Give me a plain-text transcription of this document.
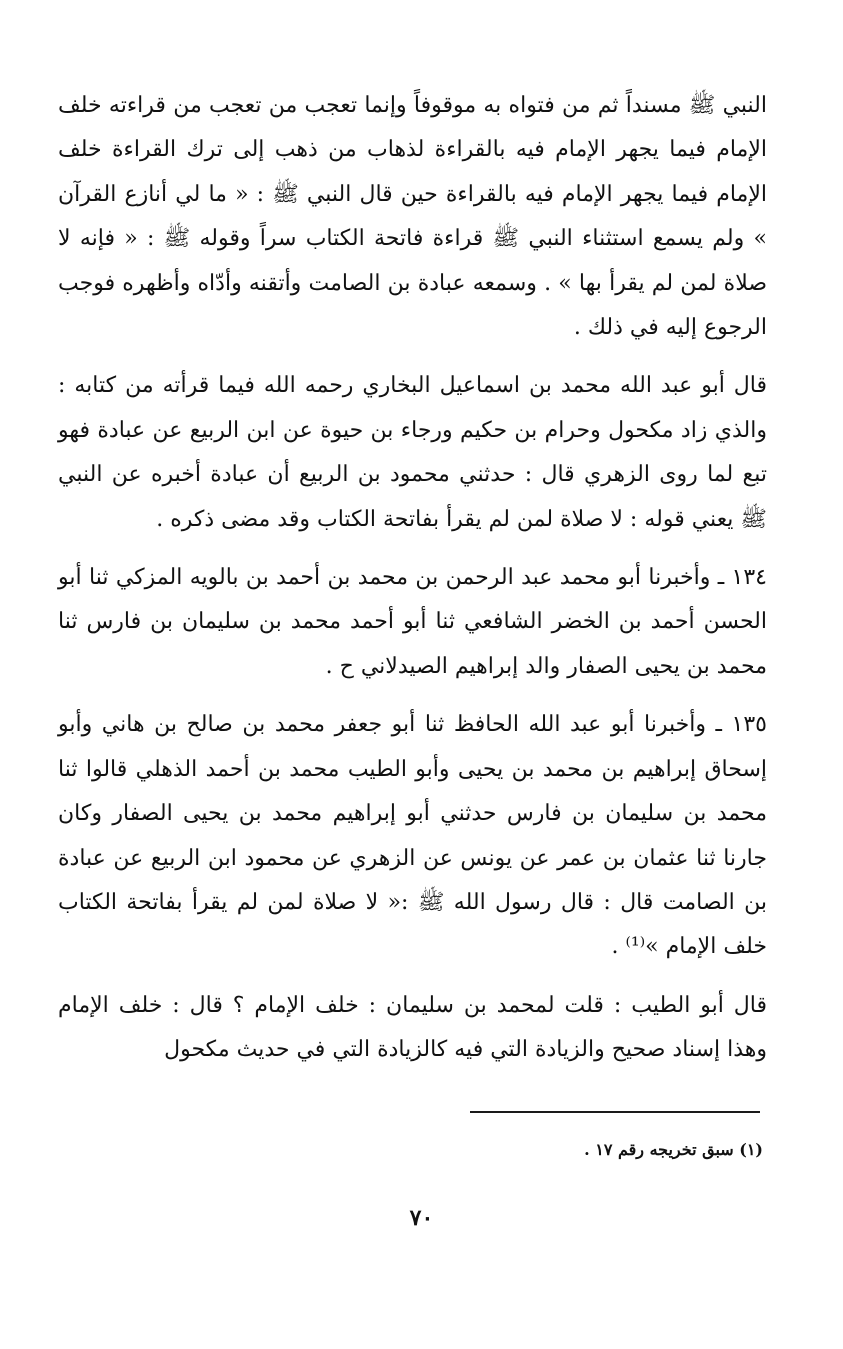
النبي ﷺ مسنداً ثم من فتواه به موقوفاً وإنما تعجب من تعجب من قراءته خلف الإمام فيما يجهر الإمام فيه بالقراءة لذهاب من ذهب إلى ترك القراءة خلف الإمام فيما يجهر الإمام فيه بالقراءة حين قال النبي ﷺ : « ما لي أنازع القرآن » ولم يسمع استثناء النبي ﷺ قراءة فاتحة الكتاب سراً وقوله ﷺ : « فإنه لا صلاة لمن لم يقرأ بها » . وسمعه عبادة بن الصامت وأتقنه وأدّاه وأظهره فوجب الرجوع إليه في ذلك .

قال أبو عبد الله محمد بن اسماعيل البخاري رحمه الله فيما قرأته من كتابه : والذي زاد مكحول وحرام بن حكيم ورجاء بن حيوة عن ابن الربيع عن عبادة فهو تبع لما روى الزهري قال : حدثني محمود بن الربيع أن عبادة أخبره عن النبي ﷺ يعني قوله : لا صلاة لمن لم يقرأ بفاتحة الكتاب وقد مضى ذكره .

١٣٤ ـ وأخبرنا أبو محمد عبد الرحمن بن محمد بن أحمد بن بالويه المزكي ثنا أبو الحسن أحمد بن الخضر الشافعي ثنا أبو أحمد محمد بن سليمان بن فارس ثنا محمد بن يحيى الصفار والد إبراهيم الصيدلاني ح .

١٣٥ ـ وأخبرنا أبو عبد الله الحافظ ثنا أبو جعفر محمد بن صالح بن هاني وأبو إسحاق إبراهيم بن محمد بن يحيى وأبو الطيب محمد بن أحمد الذهلي قالوا ثنا محمد بن سليمان بن فارس حدثني أبو إبراهيم محمد بن يحيى الصفار وكان جارنا ثنا عثمان بن عمر عن يونس عن الزهري عن محمود ابن الربيع عن عبادة بن الصامت قال : قال رسول الله ﷺ :« لا صلاة لمن لم يقرأ بفاتحة الكتاب خلف الإمام »⁽¹⁾ .

قال أبو الطيب : قلت لمحمد بن سليمان : خلف الإمام ؟ قال : خلف الإمام وهذا إسناد صحيح والزيادة التي فيه كالزيادة التي في حديث مكحول

(١) سبق تخريجه رقم ١٧ .
٧٠
